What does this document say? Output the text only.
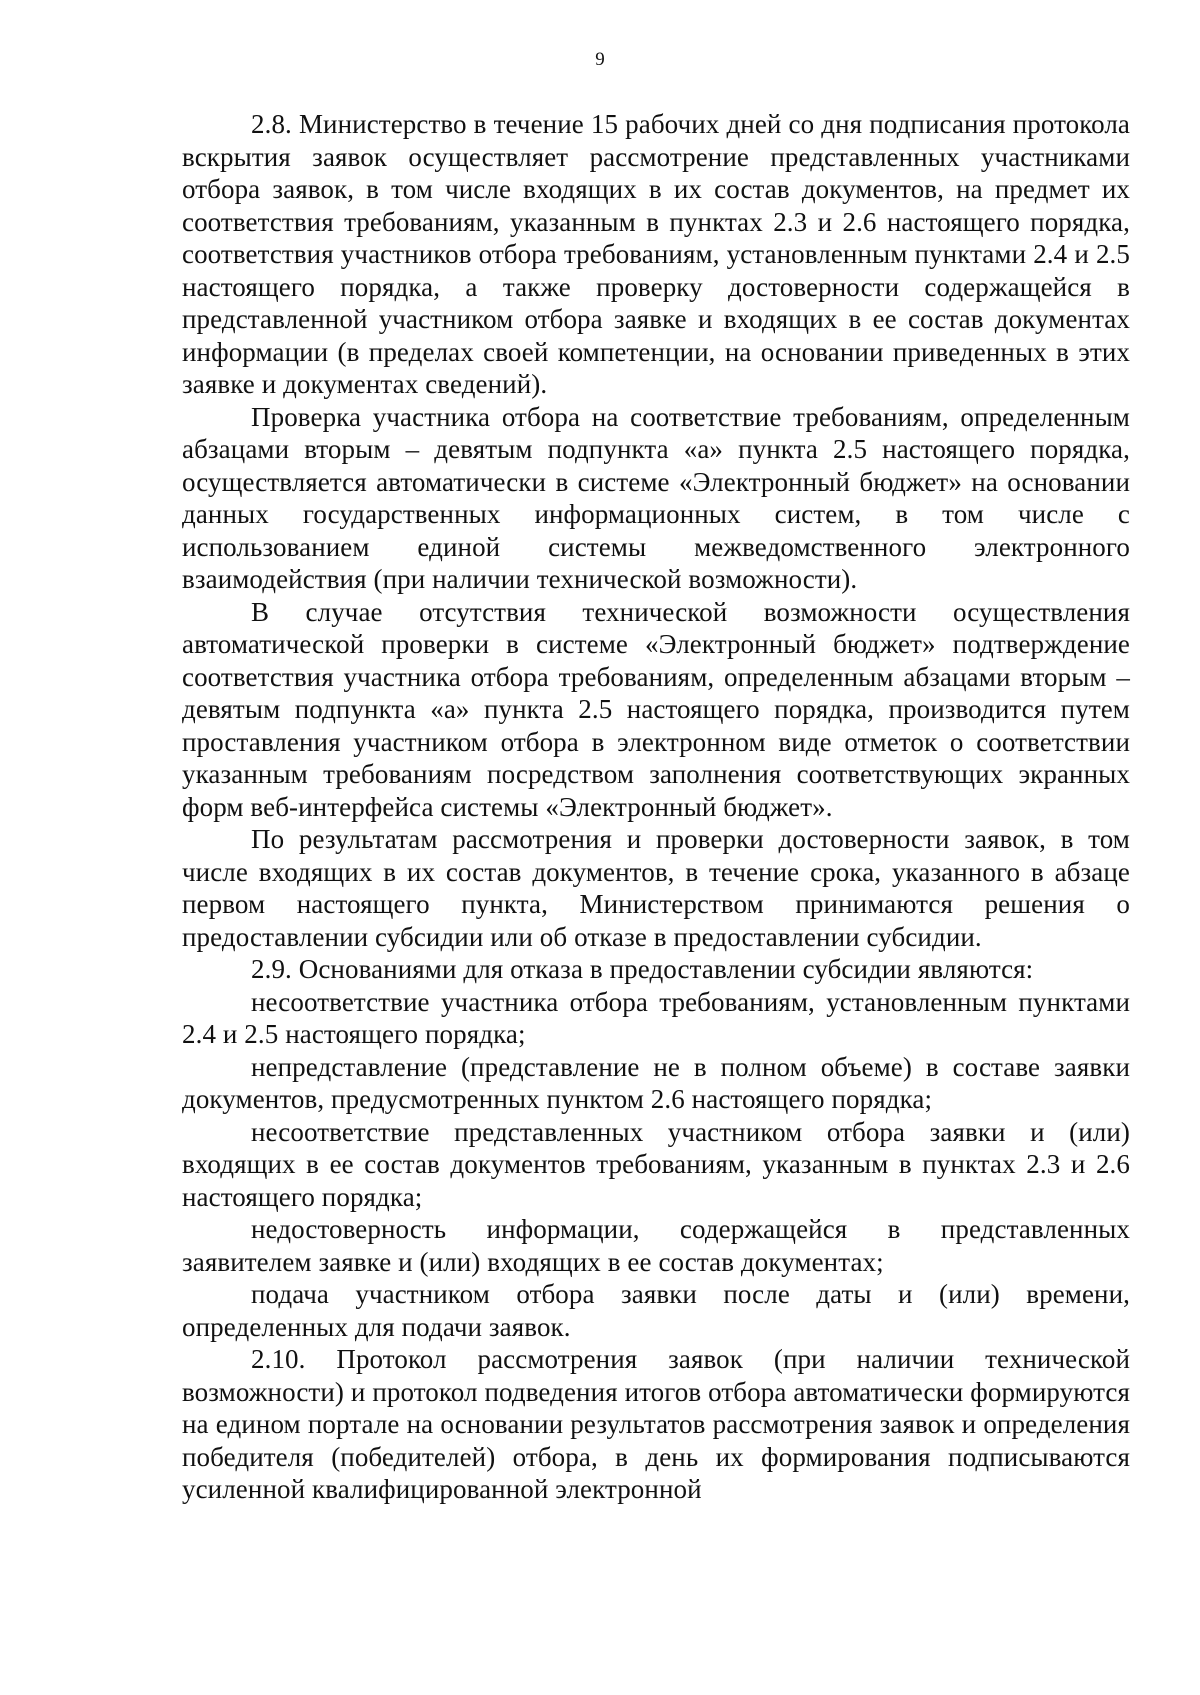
9

2.8. Министерство в течение 15 рабочих дней со дня подписания протокола вскрытия заявок осуществляет рассмотрение представленных участниками отбора заявок, в том числе входящих в их состав документов, на предмет их соответствия требованиям, указанным в пунктах 2.3 и 2.6 настоящего порядка, соответствия участников отбора требованиям, установленным пунктами 2.4 и 2.5 настоящего порядка, а также проверку достоверности содержащейся в представленной участником отбора заявке и входящих в ее состав документах информации (в пределах своей компетенции, на основании приведенных в этих заявке и документах сведений).

Проверка участника отбора на соответствие требованиям, определенным абзацами вторым – девятым подпункта «а» пункта 2.5 настоящего порядка, осуществляется автоматически в системе «Электронный бюджет» на основании данных государственных информационных систем, в том числе с использованием единой системы межведомственного электронного взаимодействия (при наличии технической возможности).

В случае отсутствия технической возможности осуществления автоматической проверки в системе «Электронный бюджет» подтверждение соответствия участника отбора требованиям, определенным абзацами вторым – девятым подпункта «а» пункта 2.5 настоящего порядка, производится путем проставления участником отбора в электронном виде отметок о соответствии указанным требованиям посредством заполнения соответствующих экранных форм веб-интерфейса системы «Электронный бюджет».

По результатам рассмотрения и проверки достоверности заявок, в том числе входящих в их состав документов, в течение срока, указанного в абзаце первом настоящего пункта, Министерством принимаются решения о предоставлении субсидии или об отказе в предоставлении субсидии.

2.9. Основаниями для отказа в предоставлении субсидии являются:

несоответствие участника отбора требованиям, установленным пунктами 2.4 и 2.5 настоящего порядка;

непредставление (представление не в полном объеме) в составе заявки документов, предусмотренных пунктом 2.6 настоящего порядка;

несоответствие представленных участником отбора заявки и (или) входящих в ее состав документов требованиям, указанным в пунктах 2.3 и 2.6 настоящего порядка;

недостоверность информации, содержащейся в представленных заявителем заявке и (или) входящих в ее состав документах;

подача участником отбора заявки после даты и (или) времени, определенных для подачи заявок.

2.10. Протокол рассмотрения заявок (при наличии технической возможности) и протокол подведения итогов отбора автоматически формируются на едином портале на основании результатов рассмотрения заявок и определения победителя (победителей) отбора, в день их формирования подписываются усиленной квалифицированной электронной
